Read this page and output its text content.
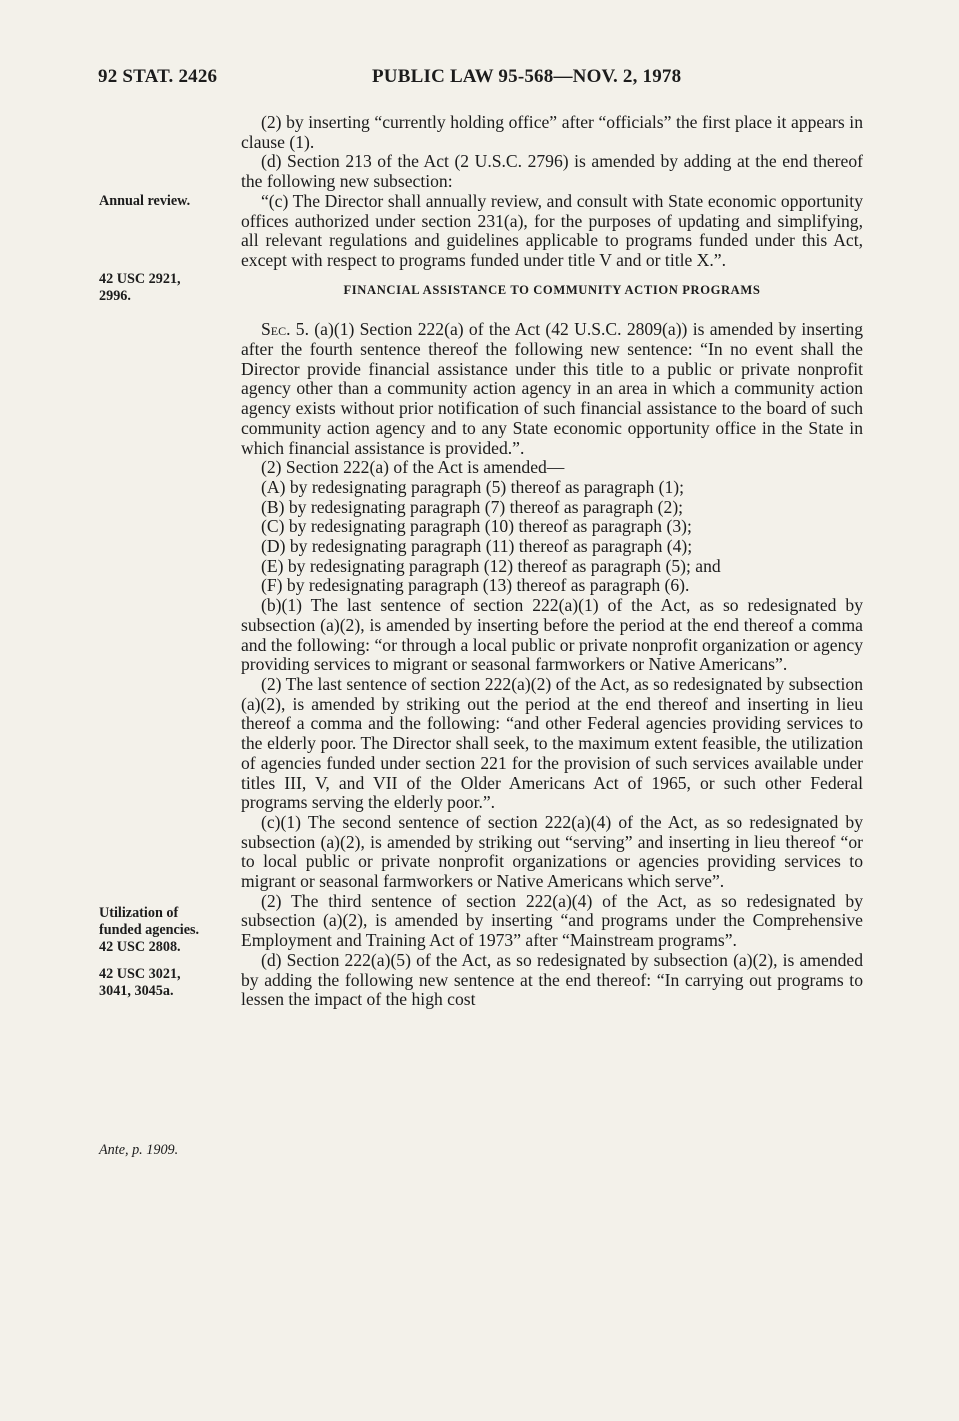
92 STAT. 2426	PUBLIC LAW 95-568—NOV. 2, 1978
Annual review.
42 USC 2921,
2996.
Utilization of
funded agencies.
42 USC 2808.
42 USC 3021,
3041, 3045a.
Ante, p. 1909.

(2) by inserting “currently holding office” after “officials” the first place it appears in clause (1).

(d) Section 213 of the Act (2 U.S.C. 2796) is amended by adding at the end thereof the following new subsection:

“(c) The Director shall annually review, and consult with State economic opportunity offices authorized under section 231(a), for the purposes of updating and simplifying, all relevant regulations and guidelines applicable to programs funded under this Act, except with respect to programs funded under title V and or title X.”.

FINANCIAL ASSISTANCE TO COMMUNITY ACTION PROGRAMS

Sec. 5. (a)(1) Section 222(a) of the Act (42 U.S.C. 2809(a)) is amended by inserting after the fourth sentence thereof the following new sentence: “In no event shall the Director provide financial assistance under this title to a public or private nonprofit agency other than a community action agency in an area in which a community action agency exists without prior notification of such financial assistance to the board of such community action agency and to any State economic opportunity office in the State in which financial assistance is provided.”.

(2) Section 222(a) of the Act is amended—

(A) by redesignating paragraph (5) thereof as paragraph (1);

(B) by redesignating paragraph (7) thereof as paragraph (2);

(C) by redesignating paragraph (10) thereof as paragraph (3);

(D) by redesignating paragraph (11) thereof as paragraph (4);

(E) by redesignating paragraph (12) thereof as paragraph (5); and

(F) by redesignating paragraph (13) thereof as paragraph (6).

(b)(1) The last sentence of section 222(a)(1) of the Act, as so redesignated by subsection (a)(2), is amended by inserting before the period at the end thereof a comma and the following: “or through a local public or private nonprofit organization or agency providing services to migrant or seasonal farmworkers or Native Americans”.

(2) The last sentence of section 222(a)(2) of the Act, as so redesignated by subsection (a)(2), is amended by striking out the period at the end thereof and inserting in lieu thereof a comma and the following: “and other Federal agencies providing services to the elderly poor. The Director shall seek, to the maximum extent feasible, the utilization of agencies funded under section 221 for the provision of such services available under titles III, V, and VII of the Older Americans Act of 1965, or such other Federal programs serving the elderly poor.”.

(c)(1) The second sentence of section 222(a)(4) of the Act, as so redesignated by subsection (a)(2), is amended by striking out “serving” and inserting in lieu thereof “or to local public or private nonprofit organizations or agencies providing services to migrant or seasonal farmworkers or Native Americans which serve”.

(2) The third sentence of section 222(a)(4) of the Act, as so redesignated by subsection (a)(2), is amended by inserting “and programs under the Comprehensive Employment and Training Act of 1973” after “Mainstream programs”.

(d) Section 222(a)(5) of the Act, as so redesignated by subsection (a)(2), is amended by adding the following new sentence at the end thereof: “In carrying out programs to lessen the impact of the high cost
